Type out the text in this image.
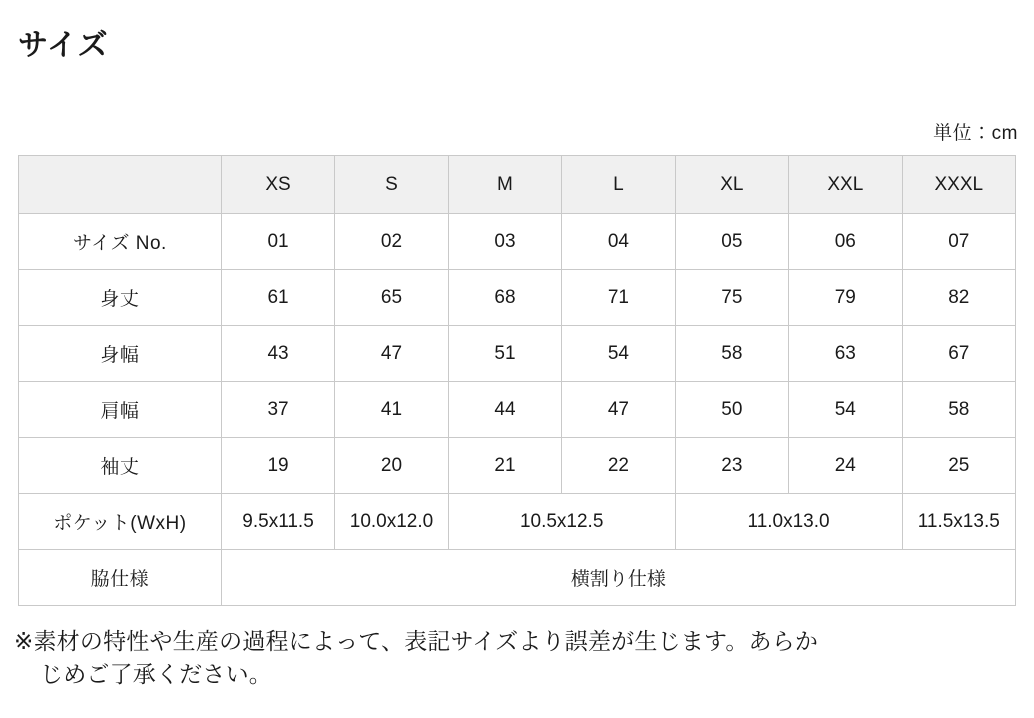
サイズ
単位：cm
	XS	S	M	L	XL	XXL	XXXL
サイズ No.	01	02	03	04	05	06	07
身丈	61	65	68	71	75	79	82
身幅	43	47	51	54	58	63	67
肩幅	37	41	44	47	50	54	58
袖丈	19	20	21	22	23	24	25
ポケット(WxH)	9.5x11.5	10.0x12.0	10.5x12.5		11.0x13.0		11.5x13.5
脇仕様	横割り仕様						
※素材の特性や生産の過程によって、表記サイズより誤差が生じます。あらか
じめご了承ください。
